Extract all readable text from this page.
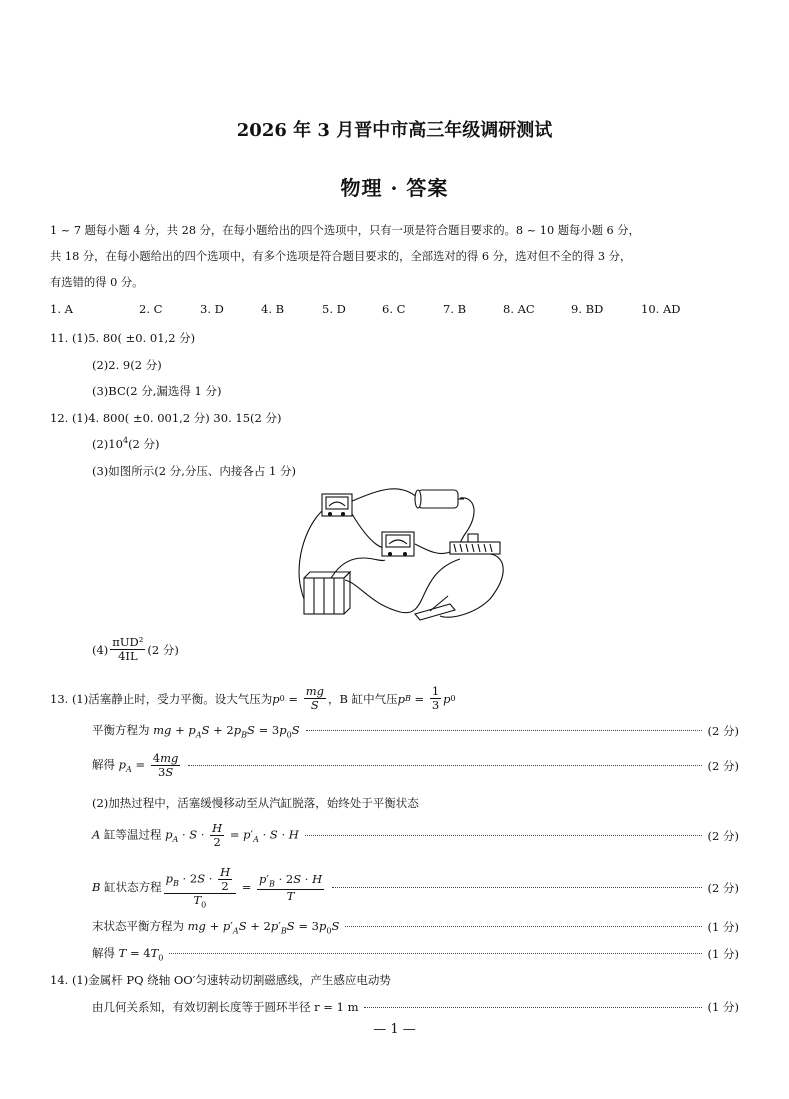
2026 年 3 月晋中市高三年级调研测试
物理 · 答案
1 ~ 7 题每小题 4 分，共 28 分，在每小题给出的四个选项中，只有一项是符合题目要求的。8 ~ 10 题每小题 6 分，
共 18 分，在每小题给出的四个选项中，有多个选项是符合题目要求的，全部选对的得 6 分，选对但不全的得 3 分，
有选错的得 0 分。
1. A	2. C	3. D	4. B	5. D	6. C	7. B	8. AC	9. BD	10. AD
11. (1)5. 80( ±0. 01,2 分)
(2)2. 9(2 分)
(3)BC(2 分,漏选得 1 分)
12. (1)4. 800( ±0. 001,2 分) 30. 15(2 分)
$(2)10^4(2$ 分)
(3)如图所示(2 分,分压、内接各占 1 分)
$(4) \frac{\text{πUD²}}{4IL} (2$ 分)
13. (1)活塞静止时，受力平衡。设大气压为 p $0 = \frac{mg}{S}$ ，B 缸中气压 p $B = \frac{1}{3}$ p 0
平衡方程为 mg + $p_AS + 2p_BS = 3p_0S$	(2 分)
解得 $p_A = \frac{4mg}{3S}$	(2 分)
(2)加热过程中，活塞缓慢移动至从汽缸脱落，始终处于平衡状态
A 缸等温过程 $p_A \cdot S \cdot \frac{H}{2} = p'_A \cdot S \cdot H$	(2 分)
B 缸状态方程 $\frac{p_B \cdot 2S \cdot \frac{H}{2}}{T_0} = \frac{p'_B \cdot 2S \cdot H}{T}$	(2 分)
末状态平衡方程为 mg + $p'_AS + 2p'_BS = 3p_0S$	(1 分)
解得 $T = 4T_0$	(1 分)
14. (1)金属杆 PQ 绕轴 OO′匀速转动切割磁感线，产生感应电动势
由几何关系知，有效切割长度等于圆环半径 r = 1 m	(1 分)
— 1 —
